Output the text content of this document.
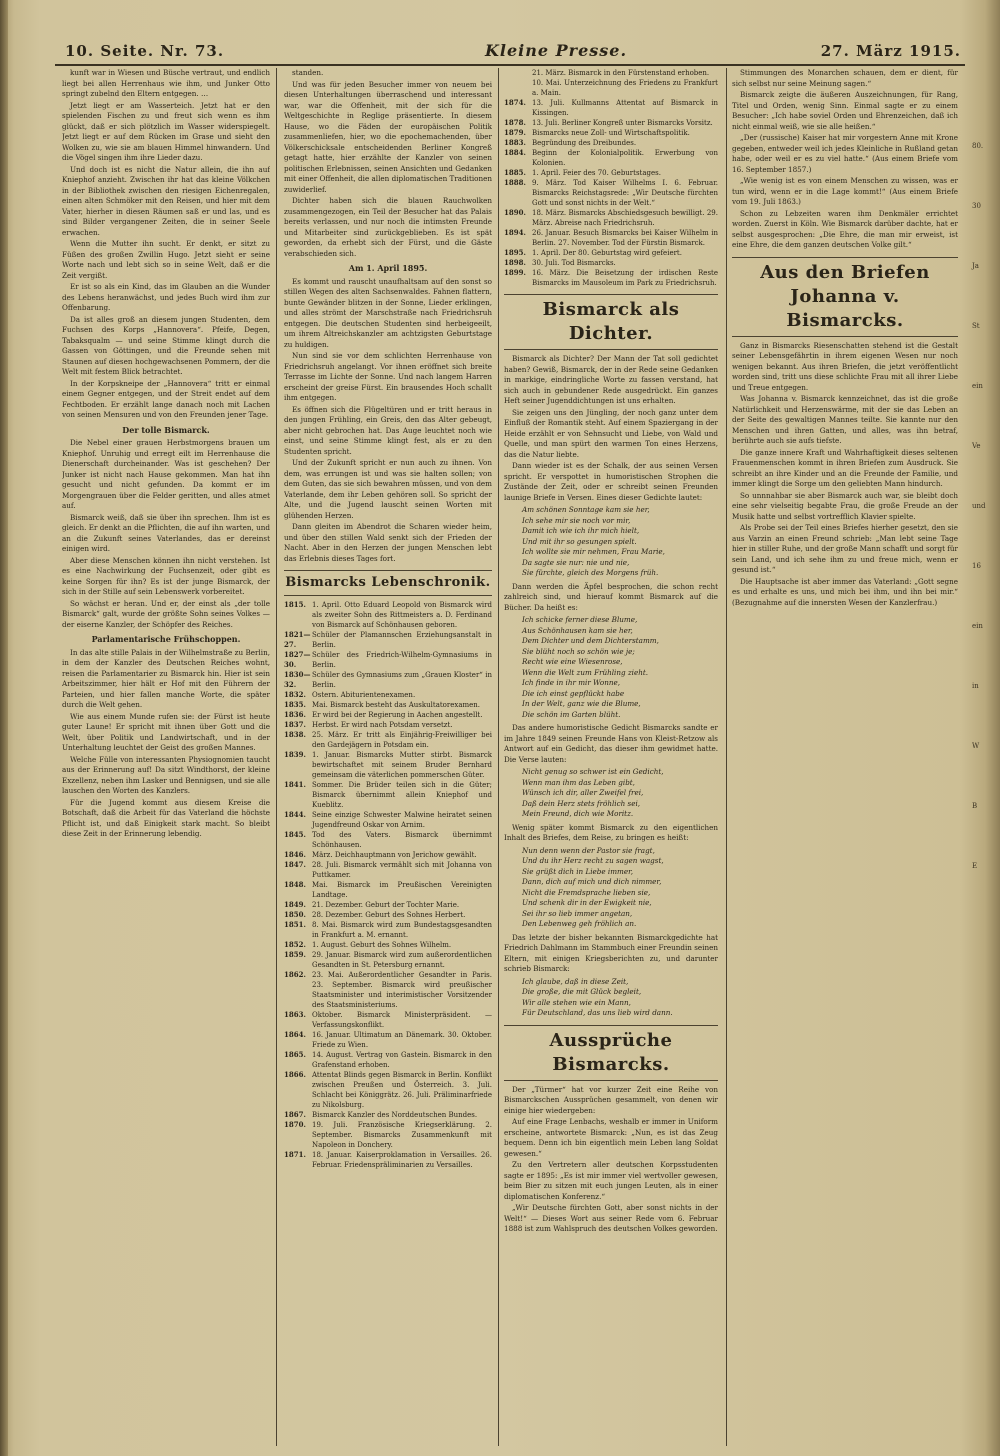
10. Seite. Nr. 73.	Kleine Presse.	27. März 1915.

kunft war in Wiesen und Büsche vertraut, und endlich liegt bei allen Herrenhaus wie ihm, und Junker Otto springt zubelnd den Eltern entgegen. …

Jetzt liegt er am Wasserteich. Jetzt hat er den spielenden Fischen zu und freut sich wenn es ihm glückt, daß er sich plötzlich im Wasser widerspiegelt. Jetzt liegt er auf dem Rücken im Grase und sieht den Wolken zu, wie sie am blauen Himmel hinwandern. Und die Vögel singen ihm ihre Lieder dazu.

Und doch ist es nicht die Natur allein, die ihn auf Kniephof anzieht. Zwischen ihr hat das kleine Völkchen in der Bibliothek zwischen den riesigen Eichenregalen, einen alten Schmöker mit den Reisen, und hier mit dem Vater, hierher in diesen Räumen saß er und las, und es sind Bilder vergangener Zeiten, die in seiner Seele erwachen.

Wenn die Mutter ihn sucht. Er denkt, er sitzt zu Füßen des großen Zwillin Hugo. Jetzt sieht er seine Worte nach und lebt sich so in seine Welt, daß er die Zeit vergißt.

Er ist so als ein Kind, das im Glauben an die Wunder des Lebens heranwächst, und jedes Buch wird ihm zur Offenbarung.

Da ist alles groß an diesem jungen Studenten, dem Fuchsen des Korps „Hannovera“. Pfeife, Degen, Tabaksqualm — und seine Stimme klingt durch die Gassen von Göttingen, und die Freunde sehen mit Staunen auf diesen hochgewachsenen Pommern, der die Welt mit festem Blick betrachtet.

In der Korpskneipe der „Hannovera“ tritt er einmal einem Gegner entgegen, und der Streit endet auf dem Fechtboden. Er erzählt lange danach noch mit Lachen von seinen Mensuren und von den Freunden jener Tage.

Der tolle Bismarck.

Die Nebel einer grauen Herbstmorgens brauen um Kniephof. Unruhig und erregt eilt im Herrenhause die Dienerschaft durcheinander. Was ist geschehen? Der Junker ist nicht nach Hause gekommen. Man hat ihn gesucht und nicht gefunden. Da kommt er im Morgengrauen über die Felder geritten, und alles atmet auf.

Bismarck weiß, daß sie über ihn sprechen. Ihm ist es gleich. Er denkt an die Pflichten, die auf ihn warten, und an die Zukunft seines Vaterlandes, das er dereinst einigen wird.

Aber diese Menschen können ihn nicht verstehen. Ist es eine Nachwirkung der Fuchsenzeit, oder gibt es keine Sorgen für ihn? Es ist der junge Bismarck, der sich in der Stille auf sein Lebenswerk vorbereitet.

So wächst er heran. Und er, der einst als „der tolle Bismarck“ galt, wurde der größte Sohn seines Volkes — der eiserne Kanzler, der Schöpfer des Reiches.

Parlamentarische Frühschoppen.

In das alte stille Palais in der Wilhelmstraße zu Berlin, in dem der Kanzler des Deutschen Reiches wohnt, reisen die Parlamentarier zu Bismarck hin. Hier ist sein Arbeitszimmer, hier hält er Hof mit den Führern der Parteien, und hier fallen manche Worte, die später durch die Welt gehen.

Wie aus einem Munde rufen sie: der Fürst ist heute guter Laune! Er spricht mit ihnen über Gott und die Welt, über Politik und Landwirtschaft, und in der Unterhaltung leuchtet der Geist des großen Mannes.

Welche Fülle von interessanten Physiognomien taucht aus der Erinnerung auf! Da sitzt Windthorst, der kleine Exzellenz, neben ihm Lasker und Bennigsen, und sie alle lauschen den Worten des Kanzlers.

Für die Jugend kommt aus diesem Kreise die Botschaft, daß die Arbeit für das Vaterland die höchste Pflicht ist, und daß Einigkeit stark macht. So bleibt diese Zeit in der Erinnerung lebendig.

standen.

Und was für jeden Besucher immer von neuem bei diesen Unterhaltungen überraschend und interessant war, war die Offenheit, mit der sich für die Weltgeschichte in Reglige präsentierte. In diesem Hause, wo die Fäden der europäischen Politik zusammenliefen, hier, wo die epochemachenden, über Völkerschicksale entscheidenden Berliner Kongreß getagt hatte, hier erzählte der Kanzler von seinen politischen Erlebnissen, seinen Ansichten und Gedanken mit einer Offenheit, die allen diplomatischen Traditionen zuwiderlief.

Dichter haben sich die blauen Rauchwolken zusammengezogen, ein Teil der Besucher hat das Palais bereits verlassen, und nur noch die intimsten Freunde und Mitarbeiter sind zurückgeblieben. Es ist spät geworden, da erhebt sich der Fürst, und die Gäste verabschieden sich.

Am 1. April 1895.

Es kommt und rauscht unaufhaltsam auf den sonst so stillen Wegen des alten Sachsenwaldes. Fahnen flattern, bunte Gewänder blitzen in der Sonne, Lieder erklingen, und alles strömt der Marschstraße nach Friedrichsruh entgegen. Die deutschen Studenten sind herbeigeeilt, um ihrem Altreichskanzler am achtzigsten Geburtstage zu huldigen.

Nun sind sie vor dem schlichten Herrenhause von Friedrichsruh angelangt. Vor ihnen eröffnet sich breite Terrasse im Lichte der Sonne. Und nach langem Harren erscheint der greise Fürst. Ein brausendes Hoch schallt ihm entgegen.

Es öffnen sich die Flügeltüren und er tritt heraus in den jungen Frühling, ein Greis, den das Alter gebeugt, aber nicht gebrochen hat. Das Auge leuchtet noch wie einst, und seine Stimme klingt fest, als er zu den Studenten spricht.

Und der Zukunft spricht er nun auch zu ihnen. Von dem, was errungen ist und was sie halten sollen; von dem Guten, das sie sich bewahren müssen, und von dem Vaterlande, dem ihr Leben gehören soll. So spricht der Alte, und die Jugend lauscht seinen Worten mit glühenden Herzen.

Dann gleiten im Abendrot die Scharen wieder heim, und über den stillen Wald senkt sich der Frieden der Nacht. Aber in den Herzen der jungen Menschen lebt das Erlebnis dieses Tages fort.

Bismarcks Lebenschronik.
1815.	1. April. Otto Eduard Leopold von Bismarck wird als zweiter Sohn des Rittmeisters a. D. Ferdinand von Bismarck auf Schönhausen geboren.
1821—27.	Schüler der Plamannschen Erziehungsanstalt in Berlin.
1827—30.	Schüler des Friedrich-Wilhelm-Gymnasiums in Berlin.
1830—32.	Schüler des Gymnasiums zum „Grauen Kloster“ in Berlin.
1832.	Ostern. Abiturientenexamen.
1835.	Mai. Bismarck besteht das Auskultatorexamen.
1836.	Er wird bei der Regierung in Aachen angestellt.
1837.	Herbst. Er wird nach Potsdam versetzt.
1838.	25. März. Er tritt als Einjährig-Freiwilliger bei den Gardejägern in Potsdam ein.
1839.	1. Januar. Bismarcks Mutter stirbt. Bismarck bewirtschaftet mit seinem Bruder Bernhard gemeinsam die väterlichen pommerschen Güter.
1841.	Sommer. Die Brüder teilen sich in die Güter; Bismarck übernimmt allein Kniephof und Kueblitz.
1844.	Seine einzige Schwester Malwine heiratet seinen Jugendfreund Oskar von Arnim.
1845.	Tod des Vaters. Bismarck übernimmt Schönhausen.
1846.	März. Deichhauptmann von Jerichow gewählt.
1847.	28. Juli. Bismarck vermählt sich mit Johanna von Puttkamer.
1848.	Mai. Bismarck im Preußischen Vereinigten Landtage.
1849.	21. Dezember. Geburt der Tochter Marie.
1850.	28. Dezember. Geburt des Sohnes Herbert.
1851.	8. Mai. Bismarck wird zum Bundestagsgesandten in Frankfurt a. M. ernannt.
1852.	1. August. Geburt des Sohnes Wilhelm.
1859.	29. Januar. Bismarck wird zum außerordentlichen Gesandten in St. Petersburg ernannt.
1862.	23. Mai. Außerordentlicher Gesandter in Paris. 23. September. Bismarck wird preußischer Staatsminister und interimistischer Vorsitzender des Staatsministeriums.
1863.	Oktober. Bismarck Ministerpräsident. — Verfassungskonflikt.
1864.	16. Januar. Ultimatum an Dänemark. 30. Oktober. Friede zu Wien.
1865.	14. August. Vertrag von Gastein. Bismarck in den Grafenstand erhoben.
1866.	Attentat Blinds gegen Bismarck in Berlin. Konflikt zwischen Preußen und Österreich. 3. Juli. Schlacht bei Königgrätz. 26. Juli. Präliminarfriede zu Nikolsburg.
1867.	Bismarck Kanzler des Norddeutschen Bundes.
1870.	19. Juli. Französische Kriegserklärung. 2. September. Bismarcks Zusammenkunft mit Napoleon in Donchery.
1871.	18. Januar. Kaiserproklamation in Versailles. 26. Februar. Friedenspräliminarien zu Versailles.
	21. März. Bismarck in den Fürstenstand erhoben.
	10. Mai. Unterzeichnung des Friedens zu Frankfurt a. Main.
1874.	13. Juli. Kullmanns Attentat auf Bismarck in Kissingen.
1878.	13. Juli. Berliner Kongreß unter Bismarcks Vorsitz.
1879.	Bismarcks neue Zoll- und Wirtschaftspolitik.
1883.	Begründung des Dreibundes.
1884.	Beginn der Kolonialpolitik. Erwerbung von Kolonien.
1885.	1. April. Feier des 70. Geburtstages.
1888.	9. März. Tod Kaiser Wilhelms I. 6. Februar. Bismarcks Reichstagsrede: „Wir Deutsche fürchten Gott und sonst nichts in der Welt.“
1890.	18. März. Bismarcks Abschiedsgesuch bewilligt. 29. März. Abreise nach Friedrichsruh.
1894.	26. Januar. Besuch Bismarcks bei Kaiser Wilhelm in Berlin. 27. November. Tod der Fürstin Bismarck.
1895.	1. April. Der 80. Geburtstag wird gefeiert.
1898.	30. Juli. Tod Bismarcks.
1899.	16. März. Die Beisetzung der irdischen Reste Bismarcks im Mausoleum im Park zu Friedrichsruh.
Bismarck als Dichter.

Bismarck als Dichter? Der Mann der Tat soll gedichtet haben? Gewiß, Bismarck, der in der Rede seine Gedanken in markige, eindringliche Worte zu fassen verstand, hat sich auch in gebundener Rede ausgedrückt. Ein ganzes Heft seiner Jugenddichtungen ist uns erhalten.

Sie zeigen uns den Jüngling, der noch ganz unter dem Einfluß der Romantik steht. Auf einem Spaziergang in der Heide erzählt er von Sehnsucht und Liebe, von Wald und Quelle, und man spürt den warmen Ton eines Herzens, das die Natur liebte.

Dann wieder ist es der Schalk, der aus seinen Versen spricht. Er verspottet in humoristischen Strophen die Zustände der Zeit, oder er schreibt seinen Freunden launige Briefe in Versen. Eines dieser Gedichte lautet:

Am schönen Sonntage kam sie her,
Ich sehe mir sie noch vor mir,
Damit ich wie ich ihr mich hielt,
Und mit ihr so gesungen spielt.
Ich wollte sie mir nehmen, Frau Marie,
Da sagte sie nur: nie und nie,
Sie fürchte, gleich des Morgens früh.

Dann werden die Äpfel besprochen, die schon recht zahlreich sind, und hierauf kommt Bismarck auf die Bücher. Da heißt es:

Ich schicke ferner diese Blume,
Aus Schönhausen kam sie her,
Dem Dichter und dem Dichterstamm,
Sie blüht noch so schön wie je;
Recht wie eine Wiesenrose,
Wenn die Welt zum Frühling zieht.
Ich finde in ihr mir Wonne,
Die ich einst gepflückt habe
In der Welt, ganz wie die Blume,
Die schön im Garten blüht.

Das andere humoristische Gedicht Bismarcks sandte er im Jahre 1849 seinen Freunde Hans von Kleist-Retzow als Antwort auf ein Gedicht, das dieser ihm gewidmet hatte. Die Verse lauten:

Nicht genug so schwer ist ein Gedicht,
Wenn man ihm das Leben gibt,
Wünsch ich dir, aller Zweifel frei,
Daß dein Herz stets fröhlich sei,
Mein Freund, dich wie Moritz.

Wenig später kommt Bismarck zu den eigentlichen Inhalt des Briefes, dem Reise, zu bringen es heißt:

Nun denn wenn der Pastor sie fragt,
Und du ihr Herz recht zu sagen wagst,
Sie grüßt dich in Liebe immer,
Dann, dich auf mich und dich nimmer,
Nicht die Fremdsprache lieben sie,
Und schenk dir in der Ewigkeit nie,
Sei ihr so lieb immer angetan,
Den Lebenweg geh fröhlich an.

Das letzte der bisher bekannten Bismarckgedichte hat Friedrich Dahlmann im Stammbuch einer Freundin seinen Eltern, mit einigen Kriegsberichten zu, und darunter schrieb Bismarck:

Ich glaube, daß in diese Zeit,
Die große, die mit Glück begleit,
Wir alle stehen wie ein Mann,
Für Deutschland, das uns lieb wird dann.
Aussprüche Bismarcks.

Der „Türmer“ hat vor kurzer Zeit eine Reihe von Bismarckschen Aussprüchen gesammelt, von denen wir einige hier wiedergeben:

Auf eine Frage Lenbachs, weshalb er immer in Uniform erscheine, antwortete Bismarck: „Nun, es ist das Zeug bequem. Denn ich bin eigentlich mein Leben lang Soldat gewesen.“

Zu den Vertretern aller deutschen Korpsstudenten sagte er 1895: „Es ist mir immer viel wertvoller gewesen, beim Bier zu sitzen mit euch jungen Leuten, als in einer diplomatischen Konferenz.“

„Wir Deutsche fürchten Gott, aber sonst nichts in der Welt!“ — Dieses Wort aus seiner Rede vom 6. Februar 1888 ist zum Wahlspruch des deutschen Volkes geworden.

Stimmungen des Monarchen schauen, dem er dient, für sich selbst nur seine Meinung sagen.“

Bismarck zeigte die äußeren Auszeichnungen, für Rang, Titel und Orden, wenig Sinn. Einmal sagte er zu einem Besucher: „Ich habe soviel Orden und Ehrenzeichen, daß ich nicht einmal weiß, wie sie alle heißen.“

„Der (russische) Kaiser hat mir vorgestern Anne mit Krone gegeben, entweder weil ich jedes Kleinliche in Rußland getan habe, oder weil er es zu viel hatte.“ (Aus einem Briefe vom 16. September 1857.)

„Wie wenig ist es von einem Menschen zu wissen, was er tun wird, wenn er in die Lage kommt!“ (Aus einem Briefe vom 19. Juli 1863.)

Schon zu Lebzeiten waren ihm Denkmäler errichtet worden. Zuerst in Köln. Wie Bismarck darüber dachte, hat er selbst ausgesprochen: „Die Ehre, die man mir erweist, ist eine Ehre, die dem ganzen deutschen Volke gilt.“

Aus den Briefen Johanna v. Bismarcks.

Ganz in Bismarcks Riesenschatten stehend ist die Gestalt seiner Lebensgefährtin in ihrem eigenen Wesen nur noch wenigen bekannt. Aus ihren Briefen, die jetzt veröffentlicht worden sind, tritt uns diese schlichte Frau mit all ihrer Liebe und Treue entgegen.

Was Johanna v. Bismarck kennzeichnet, das ist die große Natürlichkeit und Herzenswärme, mit der sie das Leben an der Seite des gewaltigen Mannes teilte. Sie kannte nur den Menschen und ihren Gatten, und alles, was ihn betraf, berührte auch sie aufs tiefste.

Die ganze innere Kraft und Wahrhaftigkeit dieses seltenen Frauenmenschen kommt in ihren Briefen zum Ausdruck. Sie schreibt an ihre Kinder und an die Freunde der Familie, und immer klingt die Sorge um den geliebten Mann hindurch.

So unnnahbar sie aber Bismarck auch war, sie bleibt doch eine sehr vielseitig begabte Frau, die große Freude an der Musik hatte und selbst vortrefflich Klavier spielte.

Als Probe sei der Teil eines Briefes hierher gesetzt, den sie aus Varzin an einen Freund schrieb: „Man lebt seine Tage hier in stiller Ruhe, und der große Mann schafft und sorgt für sein Land, und ich sehe ihm zu und freue mich, wenn er gesund ist.“

Die Hauptsache ist aber immer das Vaterland: „Gott segne es und erhalte es uns, und mich bei ihm, und ihn bei mir.“ (Bezugnahme auf die innersten Wesen der Kanzlerfrau.)

80.
30
Ja
St
ein
Ve
und
16
ein
in
W
B
E
